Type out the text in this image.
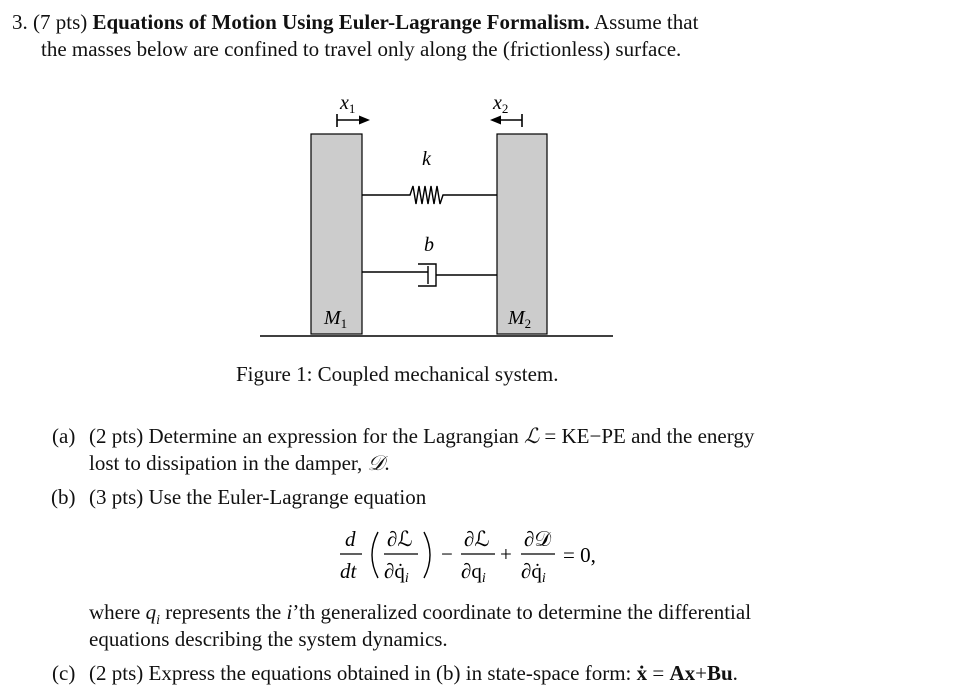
3. (7 pts) Equations of Motion Using Euler-Lagrange Formalism. Assume that
the masses below are confined to travel only along the (frictionless) surface.
$x_1$	$x_2$
k
b
$M_1$	$M_2$
Figure 1: Coupled mechanical system.
(a) (2 pts) Determine an expression for the Lagrangian ℒ = KE−PE and the energy
lost to dissipation in the damper, 𝒟.
(b) (3 pts) Use the Euler-Lagrange equation
d
dt
∂ℒ
∂q̇i
−
∂ℒ
∂qi
+
∂𝒟
∂q̇i
= 0,
where $q_i$ represents the i’th generalized coordinate to determine the differential
equations describing the system dynamics.
(c) (2 pts) Express the equations obtained in (b) in state-space form: ẋ = Ax+Bu.
